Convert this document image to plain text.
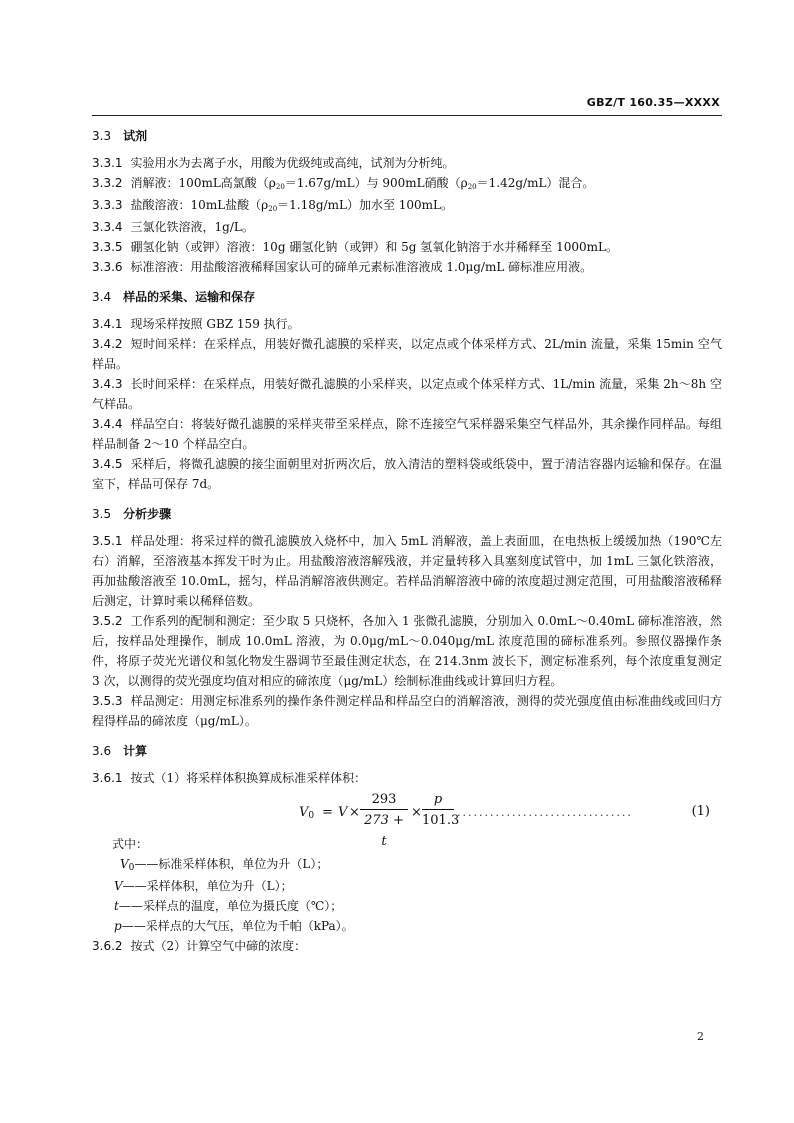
GBZ/T 160.35—XXXX
3.3 试剂
3.3.1 实验用水为去离子水，用酸为优级纯或高纯，试剂为分析纯。
3.3.2 消解液：100mL高氯酸（ρ20＝1.67g/mL）与 900mL硝酸（ρ20＝1.42g/mL）混合。
3.3.3 盐酸溶液：10mL盐酸（ρ20＝1.18g/mL）加水至 100mL。
3.3.4 三氯化铁溶液，1g/L。
3.3.5 硼氢化钠（或钾）溶液：10g 硼氢化钠（或钾）和 5g 氢氧化钠溶于水并稀释至 1000mL。
3.3.6 标准溶液：用盐酸溶液稀释国家认可的碲单元素标准溶液成 1.0μg/mL 碲标准应用液。
3.4 样品的采集、运输和保存
3.4.1 现场采样按照 GBZ 159 执行。
3.4.2 短时间采样：在采样点，用装好微孔滤膜的采样夹，以定点或个体采样方式、2L/min 流量，采集 15min 空气样品。
3.4.3 长时间采样：在采样点，用装好微孔滤膜的小采样夹，以定点或个体采样方式、1L/min 流量，采集 2h～8h 空气样品。
3.4.4 样品空白：将装好微孔滤膜的采样夹带至采样点，除不连接空气采样器采集空气样品外，其余操作同样品。每组样品制备 2～10 个样品空白。
3.4.5 采样后，将微孔滤膜的接尘面朝里对折两次后，放入清洁的塑料袋或纸袋中，置于清洁容器内运输和保存。在温室下，样品可保存 7d。
3.5 分析步骤
3.5.1 样品处理：将采过样的微孔滤膜放入烧杯中，加入 5mL 消解液，盖上表面皿，在电热板上缓缓加热（190℃左右）消解，至溶液基本挥发干时为止。用盐酸溶液溶解残液，并定量转移入具塞刻度试管中，加 1mL 三氯化铁溶液，再加盐酸溶液至 10.0mL，摇匀，样品消解溶液供测定。若样品消解溶液中碲的浓度超过测定范围，可用盐酸溶液稀释后测定，计算时乘以稀释倍数。
3.5.2 工作系列的配制和测定：至少取 5 只烧杯，各加入 1 张微孔滤膜，分别加入 0.0mL～0.40mL 碲标准溶液，然后，按样品处理操作，制成 10.0mL 溶液，为 0.0μg/mL～0.040μg/mL 浓度范围的碲标准系列。参照仪器操作条件，将原子荧光光谱仪和氢化物发生器调节至最佳测定状态，在 214.3nm 波长下，测定标准系列，每个浓度重复测定 3 次，以测得的荧光强度均值对相应的碲浓度（μg/mL）绘制标准曲线或计算回归方程。
3.5.3 样品测定：用测定标准系列的操作条件测定样品和样品空白的消解溶液，测得的荧光强度值由标准曲线或回归方程得样品的碲浓度（μg/mL）。
3.6 计算
3.6.1 按式（1）将采样体积换算成标准采样体积：
$V0 = V \times \frac{293}{273 + t} \times \frac{p}{101.3}$ ................................	(1)
式中：
V0——标准采样体积，单位为升（L）；
V——采样体积，单位为升（L）；
t——采样点的温度，单位为摄氏度（℃）；
p——采样点的大气压，单位为千帕（kPa）。
3.6.2 按式（2）计算空气中碲的浓度：
2
